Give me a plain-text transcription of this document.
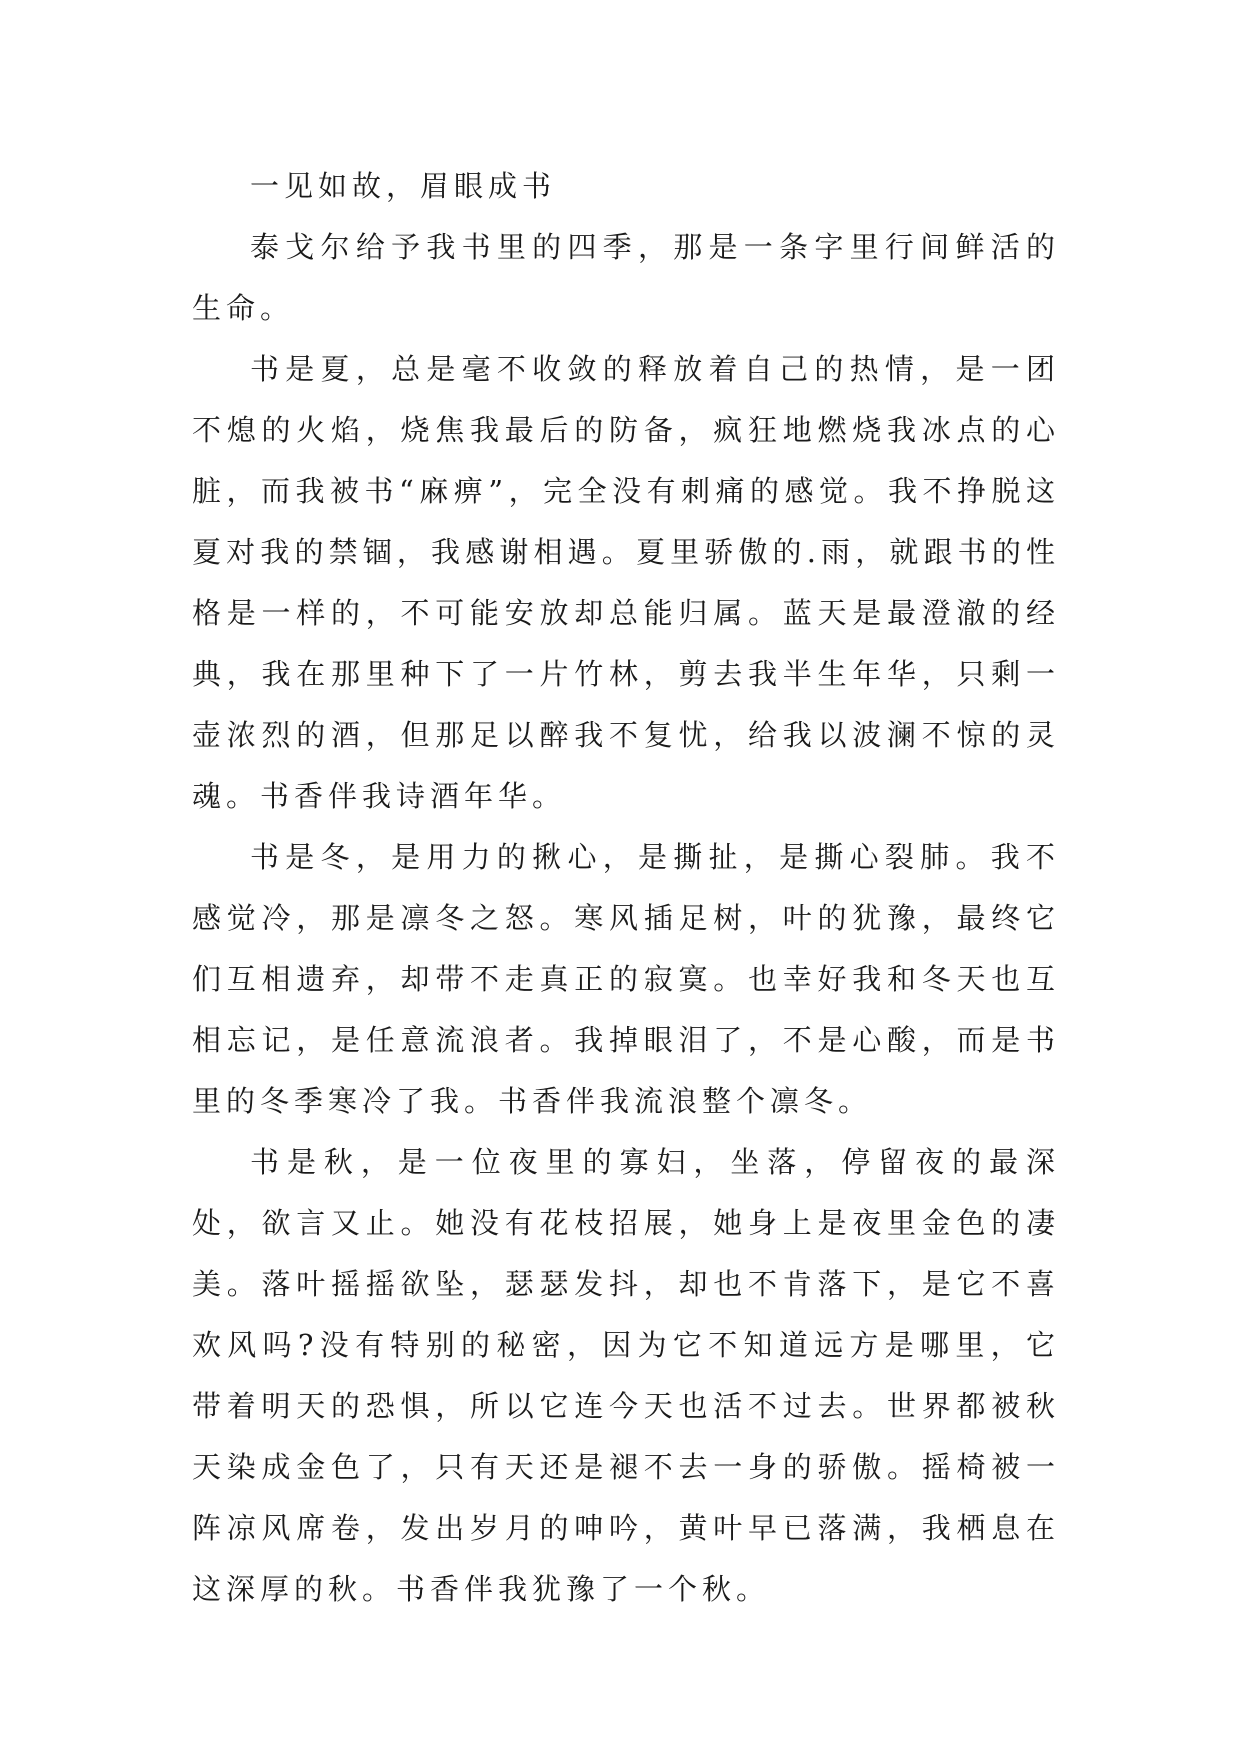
一见如故，眉眼成书

泰戈尔给予我书里的四季，那是一条字里行间鲜活的生命。

书是夏，总是毫不收敛的释放着自己的热情，是一团不熄的火焰，烧焦我最后的防备，疯狂地燃烧我冰点的心脏，而我被书“麻痹”，完全没有刺痛的感觉。我不挣脱这夏对我的禁锢，我感谢相遇。夏里骄傲的.雨，就跟书的性格是一样的，不可能安放却总能归属。蓝天是最澄澈的经典，我在那里种下了一片竹林，剪去我半生年华，只剩一壶浓烈的酒，但那足以醉我不复忧，给我以波澜不惊的灵魂。书香伴我诗酒年华。

书是冬，是用力的揪心，是撕扯，是撕心裂肺。我不感觉冷，那是凛冬之怒。寒风插足树，叶的犹豫，最终它们互相遗弃，却带不走真正的寂寞。也幸好我和冬天也互相忘记，是任意流浪者。我掉眼泪了，不是心酸，而是书里的冬季寒冷了我。书香伴我流浪整个凛冬。

书是秋，是一位夜里的寡妇，坐落，停留夜的最深处，欲言又止。她没有花枝招展，她身上是夜里金色的凄美。落叶摇摇欲坠，瑟瑟发抖，却也不肯落下，是它不喜欢风吗?没有特别的秘密，因为它不知道远方是哪里，它带着明天的恐惧，所以它连今天也活不过去。世界都被秋天染成金色了，只有天还是褪不去一身的骄傲。摇椅被一阵凉风席卷，发出岁月的呻吟，黄叶早已落满，我栖息在这深厚的秋。书香伴我犹豫了一个秋。
